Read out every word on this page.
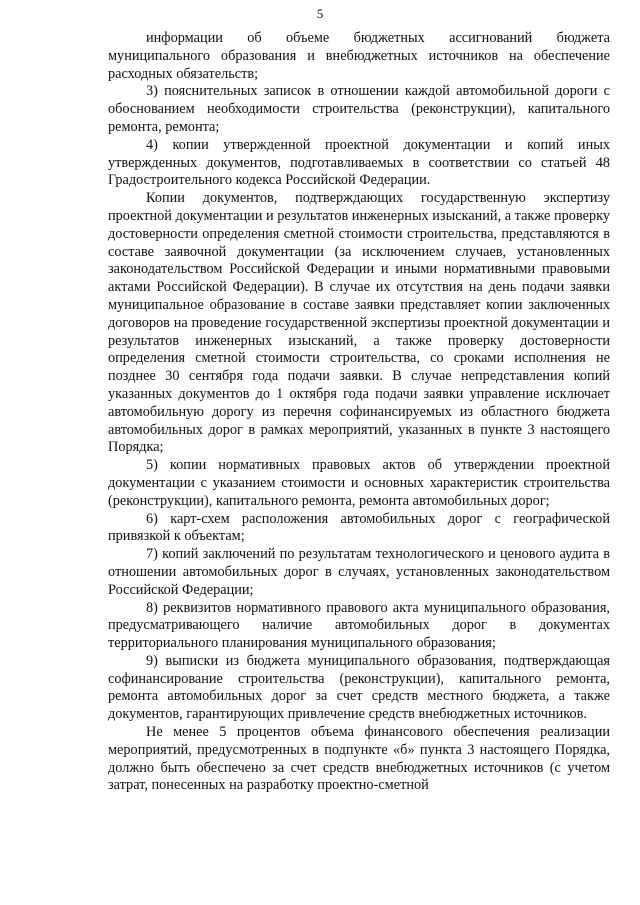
5

информации об объеме бюджетных ассигнований бюджета муниципального образования и внебюджетных источников на обеспечение расходных обязательств;

3) пояснительных записок в отношении каждой автомобильной дороги с обоснованием необходимости строительства (реконструкции), капитального ремонта, ремонта;

4) копии утвержденной проектной документации и копий иных утвержденных документов, подготавливаемых в соответствии со статьей 48 Градостроительного кодекса Российской Федерации.

Копии документов, подтверждающих государственную экспертизу проектной документации и результатов инженерных изысканий, а также проверку достоверности определения сметной стоимости строительства, представляются в составе заявочной документации (за исключением случаев, установленных законодательством Российской Федерации и иными нормативными правовыми актами Российской Федерации). В случае их отсутствия на день подачи заявки муниципальное образование в составе заявки представляет копии заключенных договоров на проведение государственной экспертизы проектной документации и результатов инженерных изысканий, а также проверку достоверности определения сметной стоимости строительства, со сроками исполнения не позднее 30 сентября года подачи заявки. В случае непредставления копий указанных документов до 1 октября года подачи заявки управление исключает автомобильную дорогу из перечня софинансируемых из областного бюджета автомобильных дорог в рамках мероприятий, указанных в пункте 3 настоящего Порядка;

5) копии нормативных правовых актов об утверждении проектной документации с указанием стоимости и основных характеристик строительства (реконструкции), капитального ремонта, ремонта автомобильных дорог;

6) карт-схем расположения автомобильных дорог с географической привязкой к объектам;

7) копий заключений по результатам технологического и ценового аудита в отношении автомобильных дорог в случаях, установленных законодательством Российской Федерации;

8) реквизитов нормативного правового акта муниципального образования, предусматривающего наличие автомобильных дорог в документах территориального планирования муниципального образования;

9) выписки из бюджета муниципального образования, подтверждающая софинансирование строительства (реконструкции), капитального ремонта, ремонта автомобильных дорог за счет средств местного бюджета, а также документов, гарантирующих привлечение средств внебюджетных источников.

Не менее 5 процентов объема финансового обеспечения реализации мероприятий, предусмотренных в подпункте «б» пункта 3 настоящего Порядка, должно быть обеспечено за счет средств внебюджетных источников (с учетом затрат, понесенных на разработку проектно-сметной
